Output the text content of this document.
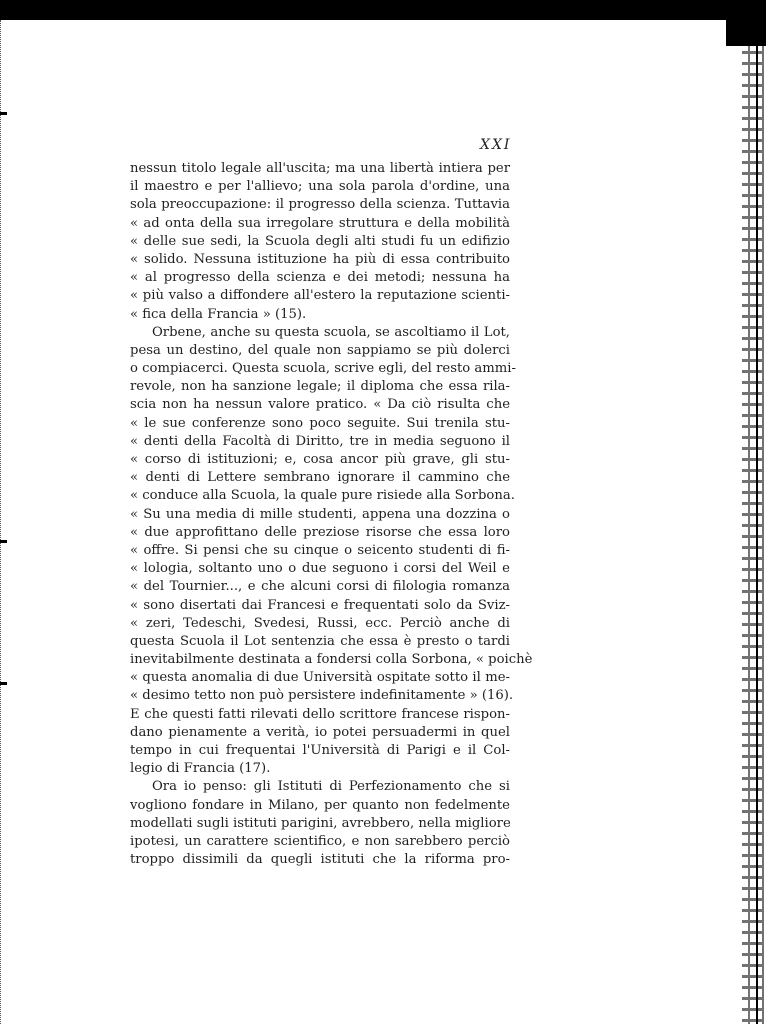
XXI
nessun titolo legale all'uscita; ma una libertà intiera per
il maestro e per l'allievo; una sola parola d'ordine, una
sola preoccupazione: il progresso della scienza. Tuttavia
« ad onta della sua irregolare struttura e della mobilità
« delle sue sedi, la Scuola degli alti studi fu un edifizio
« solido. Nessuna istituzione ha più di essa contribuito
« al progresso della scienza e dei metodi; nessuna ha
« più valso a diffondere all'estero la reputazione scienti-
« fica della Francia » (15).
Orbene, anche su questa scuola, se ascoltiamo il Lot,
pesa un destino, del quale non sappiamo se più dolerci
o compiacerci. Questa scuola, scrive egli, del resto ammi-
revole, non ha sanzione legale; il diploma che essa rila-
scia non ha nessun valore pratico. « Da ciò risulta che
« le sue conferenze sono poco seguite. Sui trenila stu-
« denti della Facoltà di Diritto, tre in media seguono il
« corso di istituzioni; e, cosa ancor più grave, gli stu-
« denti di Lettere sembrano ignorare il cammino che
« conduce alla Scuola, la quale pure risiede alla Sorbona.
« Su una media di mille studenti, appena una dozzina o
« due approfittano delle preziose risorse che essa loro
« offre. Si pensi che su cinque o seicento studenti di fi-
« lologia, soltanto uno o due seguono i corsi del Weil e
« del Tournier..., e che alcuni corsi di filologia romanza
« sono disertati dai Francesi e frequentati solo da Sviz-
« zeri, Tedeschi, Svedesi, Russi, ecc. Perciò anche di
questa Scuola il Lot sentenzia che essa è presto o tardi
inevitabilmente destinata a fondersi colla Sorbona, « poichè
« questa anomalia di due Università ospitate sotto il me-
« desimo tetto non può persistere indefinitamente » (16).
E che questi fatti rilevati dello scrittore francese rispon-
dano pienamente a verità, io potei persuadermi in quel
tempo in cui frequentai l'Università di Parigi e il Col-
legio di Francia (17).
Ora io penso: gli Istituti di Perfezionamento che si
vogliono fondare in Milano, per quanto non fedelmente
modellati sugli istituti parigini, avrebbero, nella migliore
ipotesi, un carattere scientifico, e non sarebbero perciò
troppo dissimili da quegli istituti che la riforma pro-
